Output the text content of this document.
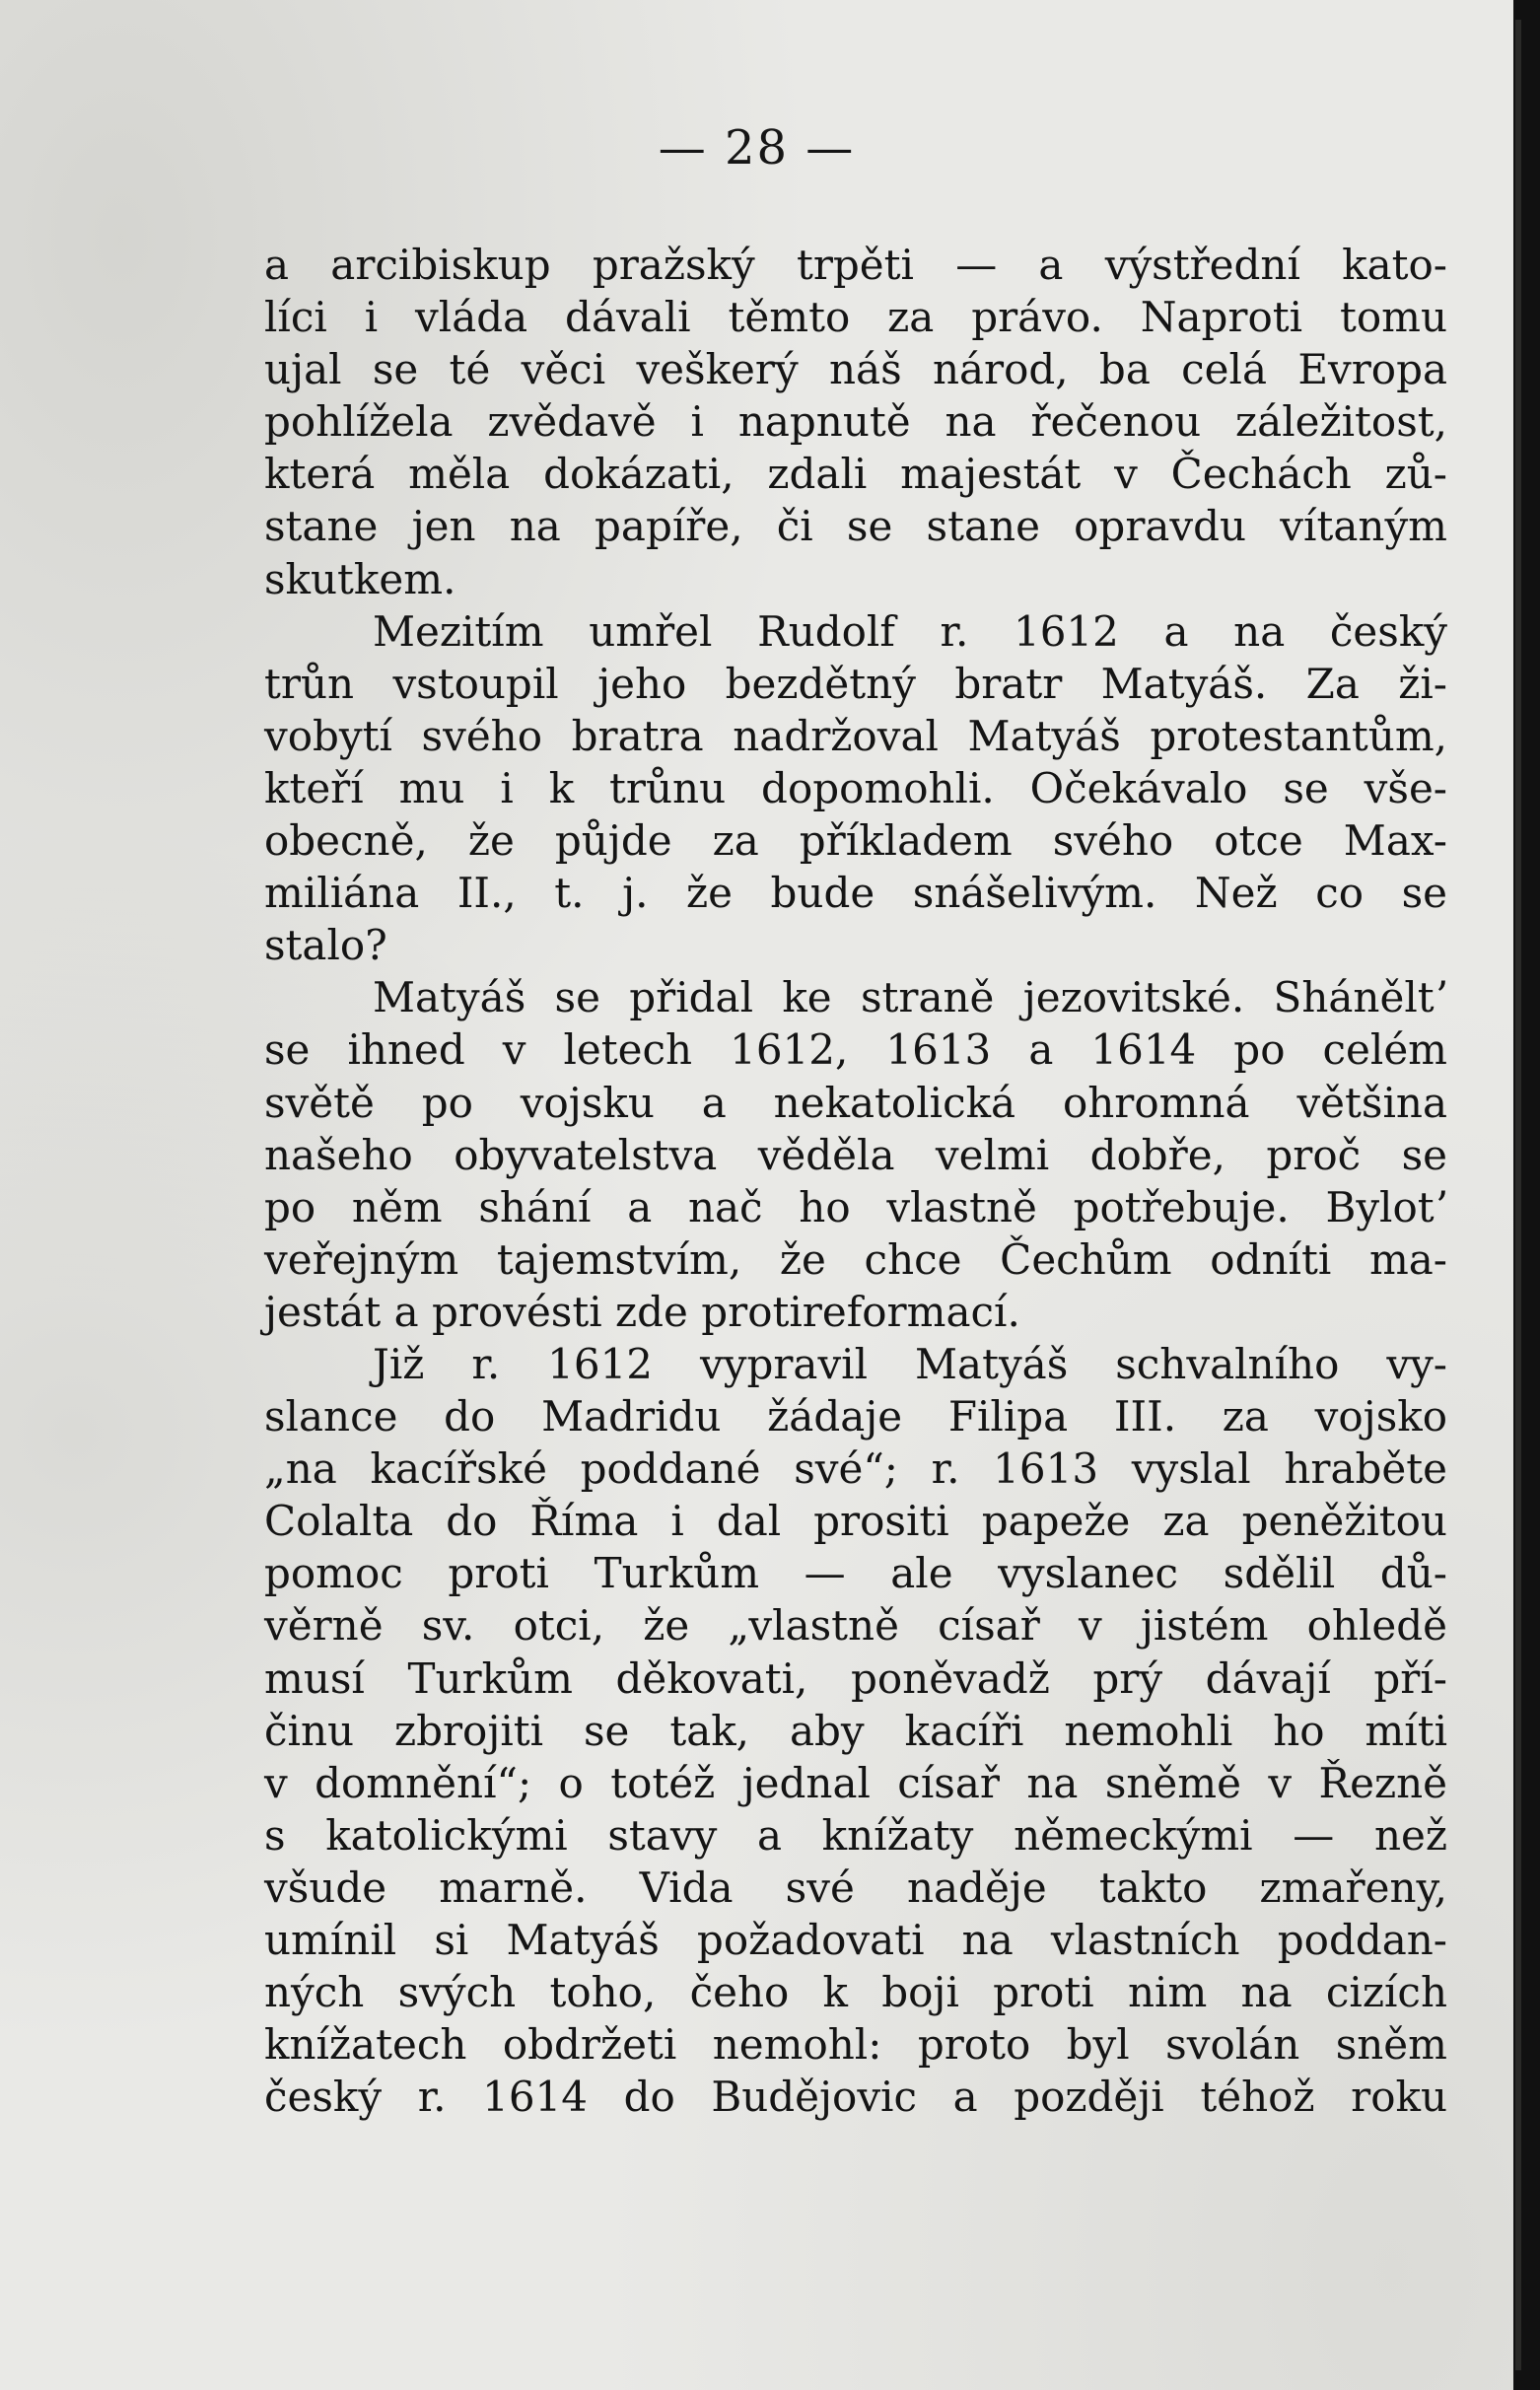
— 28 —
a arcibiskup pražský trpěti — a výstřední kato-
líci i vláda dávali těmto za právo. Naproti tomu
ujal se té věci veškerý náš národ, ba celá Evropa
pohlížela zvědavě i napnutě na řečenou záležitost,
která měla dokázati, zdali majestát v Čechách zů-
stane jen na papíře, či se stane opravdu vítaným
skutkem.
Mezitím umřel Rudolf r. 1612 a na český
trůn vstoupil jeho bezdětný bratr Matyáš. Za ži-
vobytí svého bratra nadržoval Matyáš protestantům,
kteří mu i k trůnu dopomohli. Očekávalo se vše-
obecně, že půjde za příkladem svého otce Max-
miliána II., t. j. že bude snášelivým. Než co se
stalo?
Matyáš se přidal ke straně jezovitské. Sháněltʼ
se ihned v letech 1612, 1613 a 1614 po celém
světě po vojsku a nekatolická ohromná většina
našeho obyvatelstva věděla velmi dobře, proč se
po něm shání a nač ho vlastně potřebuje. Bylotʼ
veřejným tajemstvím, že chce Čechům odníti ma-
jestát a provésti zde protireformací.
Již r. 1612 vypravil Matyáš schvalního vy-
slance do Madridu žádaje Filipa III. za vojsko
„na kacířské poddané své“; r. 1613 vyslal hraběte
Colalta do Říma i dal prositi papeže za peněžitou
pomoc proti Turkům — ale vyslanec sdělil dů-
věrně sv. otci, že „vlastně císař v jistém ohledě
musí Turkům děkovati, poněvadž prý dávají pří-
činu zbrojiti se tak, aby kacíři nemohli ho míti
v domnění“; o totéž jednal císař na sněmě v Řezně
s katolickými stavy a knížaty německými — než
všude marně. Vida své naděje takto zmařeny,
umínil si Matyáš požadovati na vlastních poddan-
ných svých toho, čeho k boji proti nim na cizích
knížatech obdržeti nemohl: proto byl svolán sněm
český r. 1614 do Budějovic a později téhož roku
